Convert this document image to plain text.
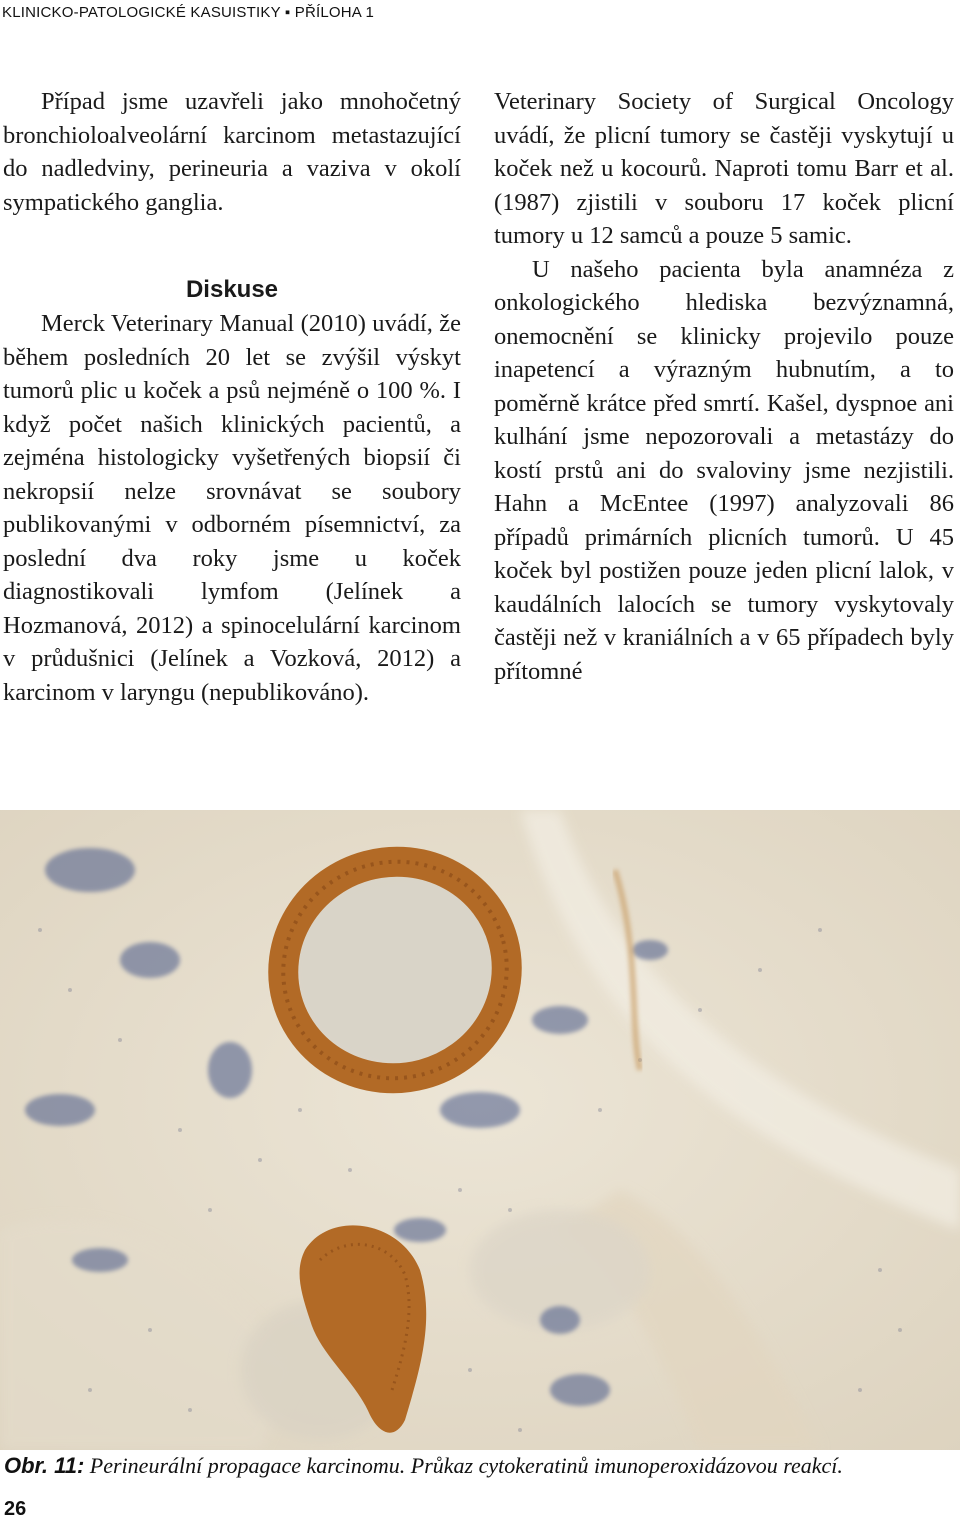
KLINICKO-PATOLOGICKÉ KASUISTIKY ▪ PŘÍLOHA 1

Případ jsme uzavřeli jako mnohočetný bronchioloalveolární karcinom metastazující do nadledviny, perineuria a vaziva v okolí sympatického ganglia.

Diskuse

Merck Veterinary Manual (2010) uvádí, že během posledních 20 let se zvýšil výskyt tumorů plic u koček a psů nejméně o 100 %. I když počet našich klinických pacientů, a zejména histologicky vyšetřených biopsií či nekropsií nelze srovnávat se soubory publikovanými v odborném písemnictví, za poslední dva roky jsme u koček diagnostikovali lymfom (Jelínek a Hozmanová, 2012) a spinocelulární karcinom v průdušnici (Jelínek a Vozková, 2012) a karcinom v laryngu (nepublikováno).

Veterinary Society of Surgical Oncology uvádí, že plicní tumory se častěji vyskytují u koček než u kocourů. Naproti tomu Barr et al. (1987) zjistili v souboru 17 koček plicní tumory u 12 samců a pouze 5 samic.

U našeho pacienta byla anamnéza z onkologického hlediska bezvýznamná, onemocnění se klinicky projevilo pouze inapetencí a výrazným hubnutím, a to poměrně krátce před smrtí. Kašel, dyspnoe ani kulhání jsme nepozorovali a metastázy do kostí prstů ani do svaloviny jsme nezjistili. Hahn a McEntee (1997) analyzovali 86 případů primárních plicních tumorů. U 45 koček byl postižen pouze jeden plicní lalok, v kaudálních lalocích se tumory vyskytovaly častěji než v kraniálních a v 65 případech byly přítomné

Obr. 11: Perineurální propagace karcinomu. Průkaz cytokeratinů imunoperoxidázovou reakcí.
26
